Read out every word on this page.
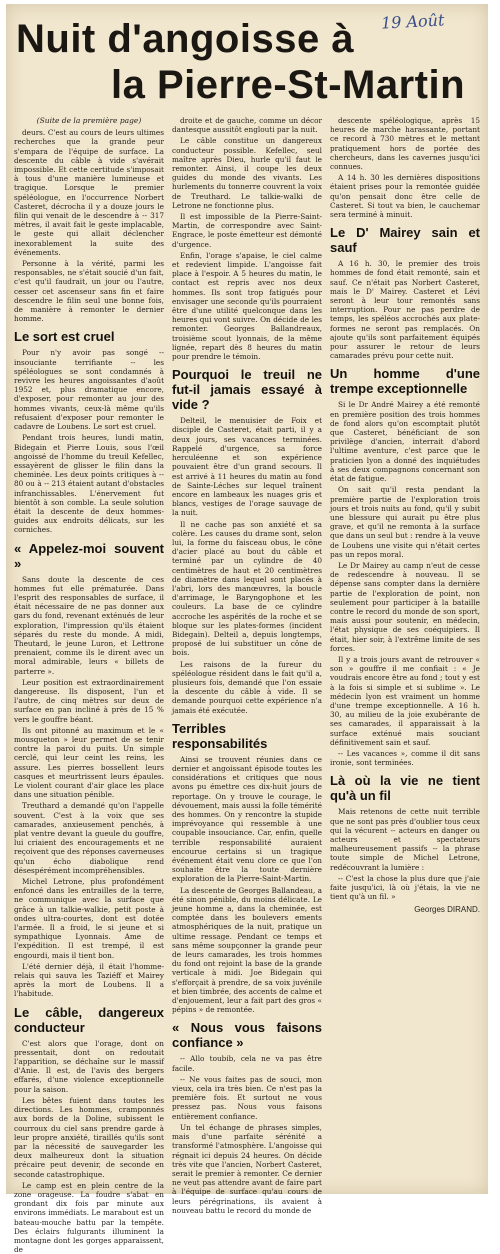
19 Août
Nuit d'angoisse à
la Pierre-St-Martin
(Suite de la première page)

deurs. C'est au cours de leurs ultimes recherches que la grande peur s'empara de l'équipe de surface. La descente du câble à vide s'avérait impossible. Et cette certitude s'imposait à tous d'une manière lumineuse et tragique. Lorsque le premier spéléologue, en l'occurrence Norbert Casteret, décrocha il y a douze jours le filin qui venait de le descendre à -- 317 mètres, il avait fait le geste implacable, le geste qui allait déclencher inexorablement la suite des événements.

Personne à la vérité, parmi les responsables, ne s'était soucié d'un fait, c'est qu'il faudrait, un jour ou l'autre, cesser cet ascenseur sans fin et faire descendre le filin seul une bonne fois, de manière à remonter le dernier homme.

Le sort est cruel

Pour n'y avoir pas songé -- insouciante terrifiante -- les spéléologues se sont condamnés à revivre les heures angoissantes d'août 1952 et, plus dramatique encore, d'exposer, pour remonter au jour des hommes vivants, ceux-là même qu'ils refusaient d'exposer pour remonter le cadavre de Loubens. Le sort est cruel.

Pendant trois heures, lundi matin, Bidegain et Pierre Louis, sous l'œil angoissé de l'homme du treuil Kefellec, essayèrent de glisser le filin dans la cheminée. Les deux points critiques à -- 80 ou à -- 213 étaient autant d'obstacles infranchissables. L'énervement fut bientôt à son comble. La seule solution était la descente de deux hommes-guides aux endroits délicats, sur les corniches.

« Appelez-moi souvent »

Sans doute la descente de ces hommes fut elle prématurée. Dans l'esprit des responsables de surface, il était nécessaire de ne pas donner aux gars du fond, revenant exténués de leur exploration, l'impression qu'ils étaient séparés du reste du monde. A midi, Theutard, le jeune Luron, et Lettrone prenaient, comme ils le dirent avec un moral admirable, leurs « billets de parterre ».

Leur position est extraordinairement dangereuse. Ils disposent, l'un et l'autre, de cinq mètres sur deux de surface en pan incliné à près de 15 % vers le gouffre béant.

Ils ont pitonné au maximum et le « mousqueton » leur permet de se tenir contre la paroi du puits. Un simple cerclé, qui leur ceint les reins, les assure. Les pierres bossellent leurs casques et meurtrissent leurs épaules. Le violent courant d'air glace les place dans une situation pénible.

Treuthard a demandé qu'on l'appelle souvent. C'est à la voix que ses camarades, anxieusement penchés, à plat ventre devant la gueule du gouffre, lui criaient des encouragements et ne reçoivent que des réponses caverneuses qu'un écho diabolique rend désespérément incompréhensibles.

Michel Letrone, plus profondément enfoncé dans les entrailles de la terre, ne communique avec la surface que grâce à un talkie-walkie, petit poste à ondes ultra-courtes, dont est dotée l'armée. Il a froid, le si jeune et si sympathique Lyonnais. Ame de l'expédition. Il est trempé, il est engourdi, mais il tient bon.

L'été dernier déjà, il était l'homme-relais qui sauva les Taziéff et Mairey après la mort de Loubens. Il a l'habitude.

Le câble, dangereux conducteur

C'est alors que l'orage, dont on pressentait, dont on redoutait l'apparition, se déchaîne sur le massif d'Anie. Il est, de l'avis des bergers effarés, d'une violence exceptionnelle pour la saison.

Les bêtes fuient dans toutes les directions. Les hommes, cramponnés aux bords de la Doline, subissent le courroux du ciel sans prendre garde à leur propre anxiété, tiraillés qu'ils sont par la nécessité de sauvegarder les deux malheureux dont la situation précaire peut devenir, de seconde en seconde catastrophique.

Le camp est en plein centre de la zone orageuse. La foudre s'abat en grondant dix fois par minute aux environs immédiats. Le marabout est un bateau-mouche battu par la tempête. Des éclairs fulgurants illuminent la montagne dont les gorges apparaissent, de

droite et de gauche, comme un décor dantesque aussitôt englouti par la nuit.

Le câble constitue un dangereux conducteur possible. Kefellec, seul maître après Dieu, hurle qu'il faut le remonter. Ainsi, il coupe les deux guides du monde des vivants. Les hurlements du tonnerre couvrent la voix de Treuthard. Le talkie-walki de Letrone ne fonctionne plus.

Il est impossible de la Pierre-Saint-Martin, de correspondre avec Saint-Engrace, le poste émetteur est démonté d'urgence.

Enfin, l'orage s'apaise, le ciel calme et redevient limpide. L'angoisse fait place à l'espoir. A 5 heures du matin, le contact est repris avec nos deux hommes. Ils sont trop fatigués pour envisager une seconde qu'ils pourraient être d'une utilité quelconque dans les heures qui vont suivre. On décide de les remonter. Georges Ballandreaux, troisième scout lyonnais, de la même lignée, repart dès 8 heures du matin pour prendre le témoin.

Pourquoi le treuil ne fut-il jamais essayé à vide ?

Delteil, le menuisier de Foix et disciple de Casteret, était parti, il y a deux jours, ses vacances terminées. Rappelé d'urgence, sa force herculéenne et son expérience pouvaient être d'un grand secours. Il est arrivé à 11 heures du matin au fond de Sainte-Léches sur lequel traînent encore en lambeaux les nuages gris et blancs, vestiges de l'orage sauvage de la nuit.

Il ne cache pas son anxiété et sa colère. Les causes du drame sont, selon lui, la forme du faisceau obus, le cône d'acier placé au bout du câble et terminé par un cylindre de 40 centimètres de haut et 20 centimètres de diamètre dans lequel sont placés à l'abri, lors des manœuvres, la boucle d'arrimage, le Baryngophone et les couleurs. La base de ce cylindre accroche les aspérités de la roche et se bloque sur les plates-formes (incident Bidegain). Delteil a, depuis longtemps, proposé de lui substituer un cône de bois.

Les raisons de la fureur du spéléologue résident dans le fait qu'il a, plusieurs fois, demandé que l'on essaie la descente du câble à vide. Il se demande pourquoi cette expérience n'a jamais été exécutée.

Terribles responsabilités

Ainsi se trouvent réunies dans ce dernier et angoissant épisode toutes les considérations et critiques que nous avons pu émettre ces dix-huit jours de reportage. On y trouve le courage, le dévouement, mais aussi la folle témérité des hommes. On y rencontre la stupide imprévoyance qui ressemble à une coupable insouciance. Car, enfin, quelle terrible responsabilité auraient encourue certains si un tragique événement était venu clore ce que l'on souhaite être la toute dernière exploration de la Pierre-Saint-Martin.

La descente de Georges Ballandeau, a été sinon pénible, du moins délicate. Le jeune homme a, dans la cheminée, est comptée dans les boulevers ements atmosphériques de la nuit, pratique un ultime ressage. Pendant ce temps et sans même soupçonner la grande peur de leurs camarades, les trois hommes du fond ont rejoint la base de la grande verticale à midi. Joe Bidegain qui s'efforçait à prendre, de sa voix juvénile et bien timbrée, des accents de calme et d'enjouement, leur a fait part des gros « pépins » de remontée.

« Nous vous faisons confiance »

-- Allo toubib, cela ne va pas être facile.

-- Ne vous faites pas de souci, mon vieux, cela ira très bien. Ce n'est pas la première fois. Et surtout ne vous pressez pas. Nous vous faisons entièrement confiance.

Un tel échange de phrases simples, mais d'une parfaite sérénité a transformé l'atmosphère. L'angoisse qui régnait ici depuis 24 heures. On décide très vite que l'ancien, Norbert Casteret, serait le premier à remonter. Ce dernier ne veut pas attendre avant de faire part à l'équipe de surface qu'au cours de leurs pérégrinations, ils avaient à nouveau battu le record du monde de

descente spéléologique, après 15 heures de marche harassante, portant ce record à 730 mètres et le mettant pratiquement hors de portée des chercheurs, dans les cavernes jusqu'ici connues.

A 14 h. 30 les dernières dispositions étaient prises pour la remontée guidée qu'on pensait donc être celle de Casteret. Si tout va bien, le cauchemar sera terminé à minuit.

Le D' Mairey sain et sauf

A 16 h. 30, le premier des trois hommes de fond était remonté, sain et sauf. Ce n'était pas Norbert Casteret, mais le D' Mairey. Casteret et Lévi seront à leur tour remontés sans interruption. Pour ne pas perdre de temps, les spéléos accrochés aux plate-formes ne seront pas remplacés. On ajoute qu'ils sont parfaitement équipés pour assurer le retour de leurs camarades prévu pour cette nuit.

Un homme d'une trempe exceptionnelle

Si le Dr André Mairey a été remonté en première position des trois hommes de fond alors qu'on escomptait plutôt que Casteret, bénéficiant de son privilège d'ancien, interrait d'abord l'ultime aventure, c'est parce que le praticien lyon a donné des inquiétudes à ses deux compagnons concernant son état de fatigue.

On sait qu'il resta pendant la première partie de l'exploration trois jours et trois nuits au fond, qu'il y subit une blessure qui aurait pu être plus grave, et qu'il ne remonta à la surface que dans un seul but : rendre à la veuve de Loubens une visite qui n'était certes pas un repos moral.

Le Dr Mairey au camp n'eut de cesse de redescendre à nouveau. Il se dépense sans compter dans la dernière partie de l'exploration de point, non seulement pour participer à la bataille contre le record du monde de son sport, mais aussi pour soutenir, en médecin, l'état physique de ses coéquipiers. Il était, hier soir, à l'extrême limite de ses forces.

Il y a trois jours avant de retrouver « son » gouffre il me confiait : « Je voudrais encore être au fond ; tout y est à la fois si simple et si sublime ». Le médecin lyon est vraiment un homme d'une trempe exceptionnelle. A 16 h. 30, au milieu de la joie exubérante de ses camarades, il apparaissait à la surface exténué mais souciant définitivement sain et sauf.

-- Les vacances », comme il dit sans ironie, sont terminées.

Là où la vie ne tient qu'à un fil

Mais retenons de cette nuit terrible que ne sont pas près d'oublier tous ceux qui la vécurent -- acteurs en danger ou acteurs et spectateurs malheureusement passifs -- la phrase toute simple de Michel Letrone, redécouvrant la lumière :

-- C'est la chose la plus dure que j'aie faite jusqu'ici, là où j'étais, la vie ne tient qu'à un fil. »

Georges DIRAND.
